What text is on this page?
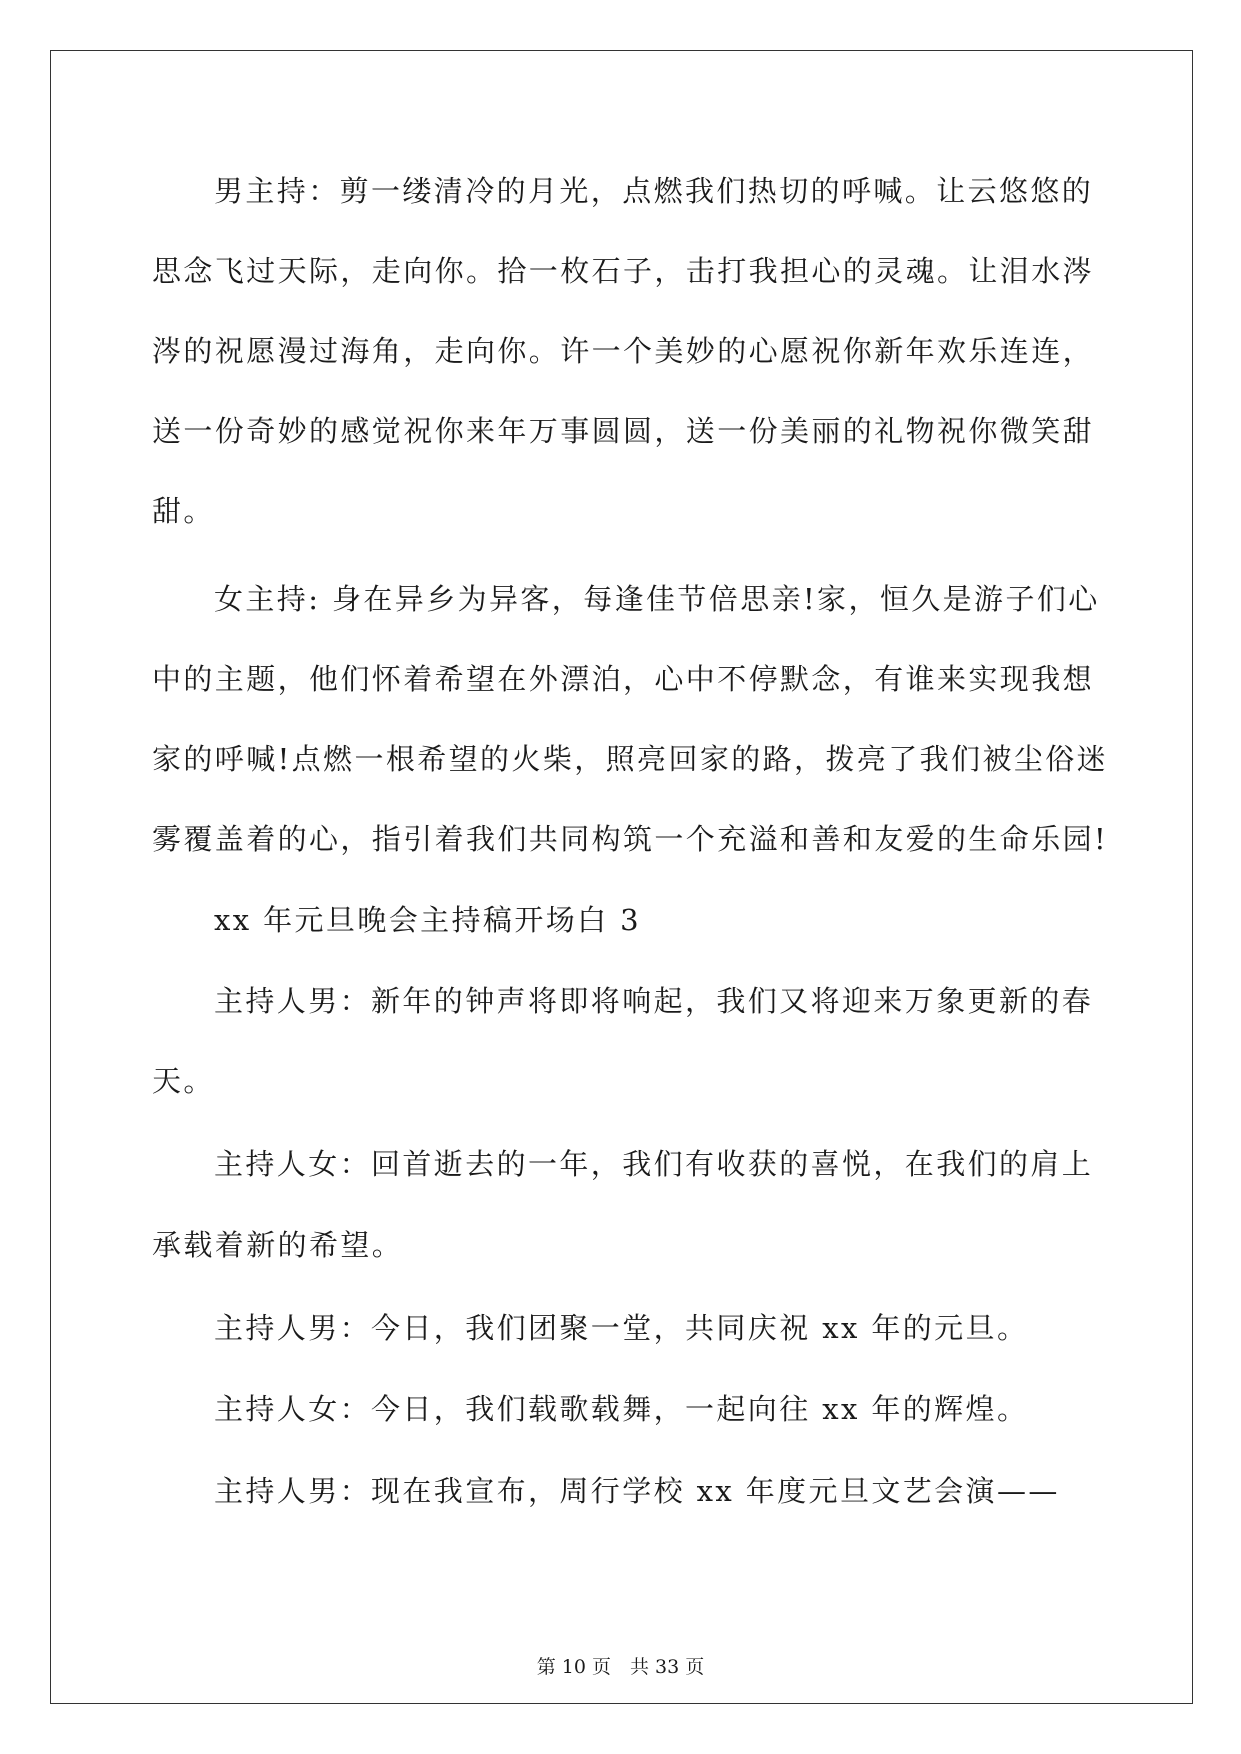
男主持：剪一缕清冷的月光，点燃我们热切的呼喊。让云悠悠的
思念飞过天际，走向你。拾一枚石子，击打我担心的灵魂。让泪水涔
涔的祝愿漫过海角，走向你。许一个美妙的心愿祝你新年欢乐连连，
送一份奇妙的感觉祝你来年万事圆圆，送一份美丽的礼物祝你微笑甜
甜。
女主持: 身在异乡为异客，每逢佳节倍思亲!家，恒久是游子们心
中的主题，他们怀着希望在外漂泊，心中不停默念，有谁来实现我想
家的呼喊!点燃一根希望的火柴，照亮回家的路，拨亮了我们被尘俗迷
雾覆盖着的心，指引着我们共同构筑一个充溢和善和友爱的生命乐园!
xx 年元旦晚会主持稿开场白 3
主持人男：新年的钟声将即将响起，我们又将迎来万象更新的春
天。
主持人女：回首逝去的一年，我们有收获的喜悦，在我们的肩上
承载着新的希望。
主持人男：今日，我们团聚一堂，共同庆祝 xx 年的元旦。
主持人女：今日，我们载歌载舞，一起向往 xx 年的辉煌。
主持人男：现在我宣布，周行学校 xx 年度元旦文艺会演——
第 10 页　共 33 页
